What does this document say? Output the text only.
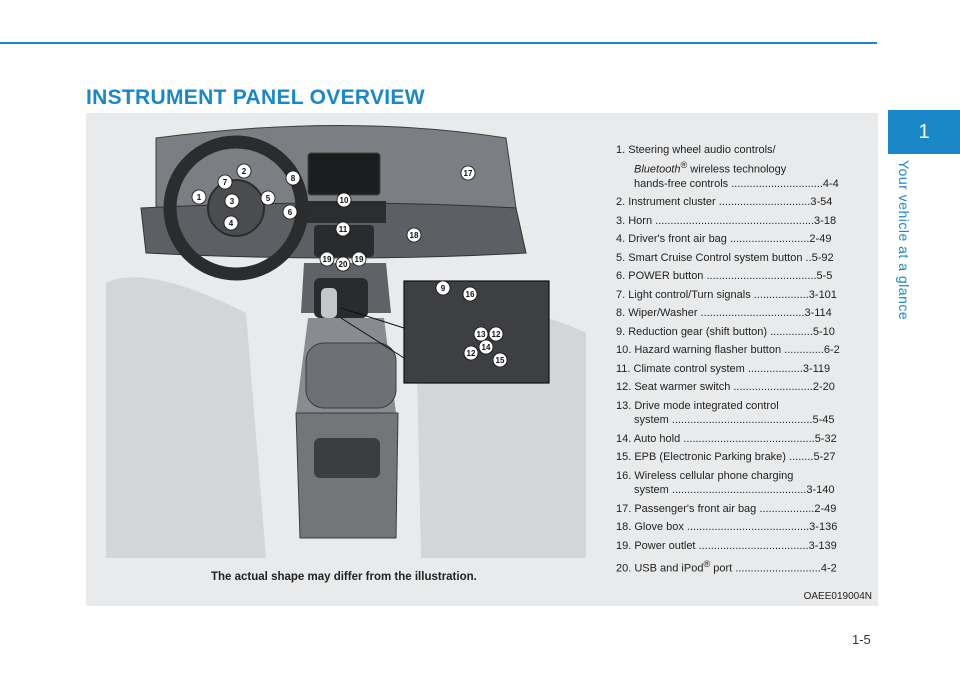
INSTRUMENT PANEL OVERVIEW
1
Your vehicle at a glance
7
2
8
1	3	5
6
4
10
11
17
18
19
20
19
9
16
13 12
14
12
15
1. Steering wheel audio controls/
Bluetooth® wireless technology
hands-free controls ..............................4-4
2. Instrument cluster ..............................3-54
3. Horn ....................................................3-18
4. Driver's front air bag ..........................2-49
5. Smart Cruise Control system button ..5-92
6. POWER button ....................................5-5
7. Light control/Turn signals ..................3-101
8. Wiper/Washer ..................................3-114
9. Reduction gear (shift button) ..............5-10
10. Hazard warning flasher button .............6-2
11. Climate control system ..................3-119
12. Seat warmer switch ..........................2-20
13. Drive mode integrated control
system ..............................................5-45
14. Auto hold ...........................................5-32
15. EPB (Electronic Parking brake) ........5-27
16. Wireless cellular phone charging
system ............................................3-140
17. Passenger's front air bag ..................2-49
18. Glove box ........................................3-136
19. Power outlet ....................................3-139
20. USB and iPod® port ............................4-2

The actual shape may differ from the illustration.

OAEE019004N
1-5
